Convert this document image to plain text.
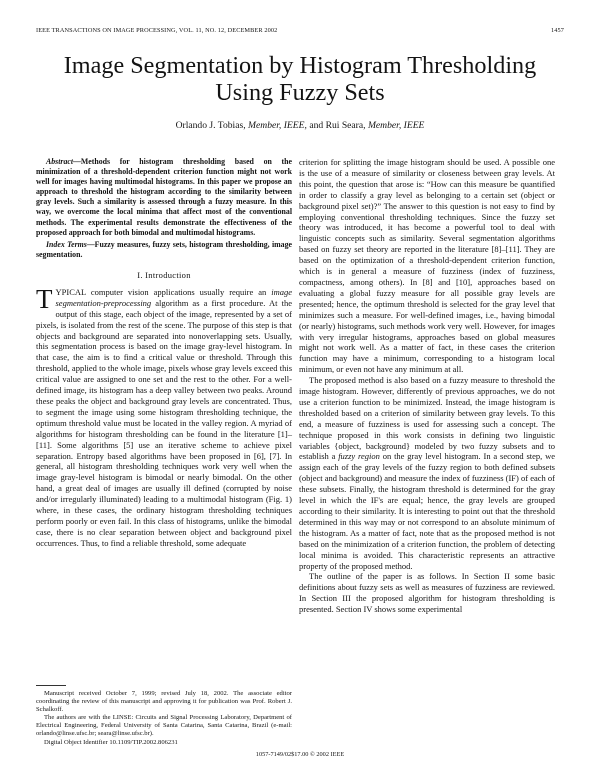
IEEE TRANSACTIONS ON IMAGE PROCESSING, VOL. 11, NO. 12, DECEMBER 2002	1457
Image Segmentation by Histogram Thresholding
Using Fuzzy Sets
Orlando J. Tobias, Member, IEEE, and Rui Seara, Member, IEEE

Abstract—Methods for histogram thresholding based on the minimization of a threshold-dependent criterion function might not work well for images having multimodal histograms. In this paper we propose an approach to threshold the histogram according to the similarity between gray levels. Such a similarity is assessed through a fuzzy measure. In this way, we overcome the local minima that affect most of the conventional methods. The experimental results demonstrate the effectiveness of the proposed approach for both bimodal and multimodal histograms.

Index Terms—Fuzzy measures, fuzzy sets, histogram thresholding, image segmentation.

I. Introduction

TYPICAL computer vision applications usually require an image segmentation-preprocessing algorithm as a first procedure. At the output of this stage, each object of the image, represented by a set of pixels, is isolated from the rest of the scene. The purpose of this step is that objects and background are separated into nonoverlapping sets. Usually, this segmentation process is based on the image gray-level histogram. In that case, the aim is to find a critical value or threshold. Through this threshold, applied to the whole image, pixels whose gray levels exceed this critical value are assigned to one set and the rest to the other. For a well-defined image, its histogram has a deep valley between two peaks. Around these peaks the object and background gray levels are concentrated. Thus, to segment the image using some histogram thresholding technique, the optimum threshold value must be located in the valley region. A myriad of algorithms for histogram thresholding can be found in the literature [1]–[11]. Some algorithms [5] use an iterative scheme to achieve pixel separation. Entropy based algorithms have been proposed in [6], [7]. In general, all histogram thresholding techniques work very well when the image gray-level histogram is bimodal or nearly bimodal. On the other hand, a great deal of images are usually ill defined (corrupted by noise and/or irregularly illuminated) leading to a multimodal histogram (Fig. 1) where, in these cases, the ordinary histogram thresholding techniques perform poorly or even fail. In this class of histograms, unlike the bimodal case, there is no clear separation between object and background pixel occurrences. Thus, to find a reliable threshold, some adequate

criterion for splitting the image histogram should be used. A possible one is the use of a measure of similarity or closeness between gray levels. At this point, the question that arose is: “How can this measure be quantified in order to classify a gray level as belonging to a certain set (object or background pixel set)?” The answer to this question is not easy to find by employing conventional thresholding techniques. Since the fuzzy set theory was introduced, it has become a powerful tool to deal with linguistic concepts such as similarity. Several segmentation algorithms based on fuzzy set theory are reported in the literature [8]–[11]. They are based on the optimization of a threshold-dependent criterion function, which is in general a measure of fuzziness (index of fuzziness, compactness, among others). In [8] and [10], approaches based on evaluating a global fuzzy measure for all possible gray levels are presented; hence, the optimum threshold is selected for the gray level that minimizes such a measure. For well-defined images, i.e., having bimodal (or nearly) histograms, such methods work very well. However, for images with very irregular histograms, approaches based on global measures might not work well. As a matter of fact, in these cases the criterion function may have a minimum, corresponding to a histogram local minimum, or even not have any minimum at all.

The proposed method is also based on a fuzzy measure to threshold the image histogram. However, differently of previous approaches, we do not use a criterion function to be minimized. Instead, the image histogram is thresholded based on a criterion of similarity between gray levels. To this end, a measure of fuzziness is used for assessing such a concept. The technique proposed in this work consists in defining two linguistic variables {object, background} modeled by two fuzzy subsets and to establish a fuzzy region on the gray level histogram. In a second step, we assign each of the gray levels of the fuzzy region to both defined subsets (object and background) and measure the index of fuzziness (IF) of each of these subsets. Finally, the histogram threshold is determined for the gray level in which the IF's are equal; hence, the gray levels are grouped according to their similarity. It is interesting to point out that the threshold determined in this way may or not correspond to an absolute minimum of the histogram. As a matter of fact, note that as the proposed method is not based on the minimization of a criterion function, the problem of detecting local minima is avoided. This characteristic represents an attractive property of the proposed method.

The outline of the paper is as follows. In Section II some basic definitions about fuzzy sets as well as measures of fuzziness are reviewed. In Section III the proposed algorithm for histogram thresholding is presented. Section IV shows some experimental

Manuscript received October 7, 1999; revised July 18, 2002. The associate editor coordinating the review of this manuscript and approving it for publication was Prof. Robert J. Schalkoff.

The authors are with the LINSE: Circuits and Signal Processing Laboratory, Department of Electrical Engineering, Federal University of Santa Catarina, Santa Catarina, Brazil (e-mail: orlando@linse.ufsc.br; seara@linse.ufsc.br).

Digital Object Identifier 10.1109/TIP.2002.806231

1057-7149/02$17.00 © 2002 IEEE
